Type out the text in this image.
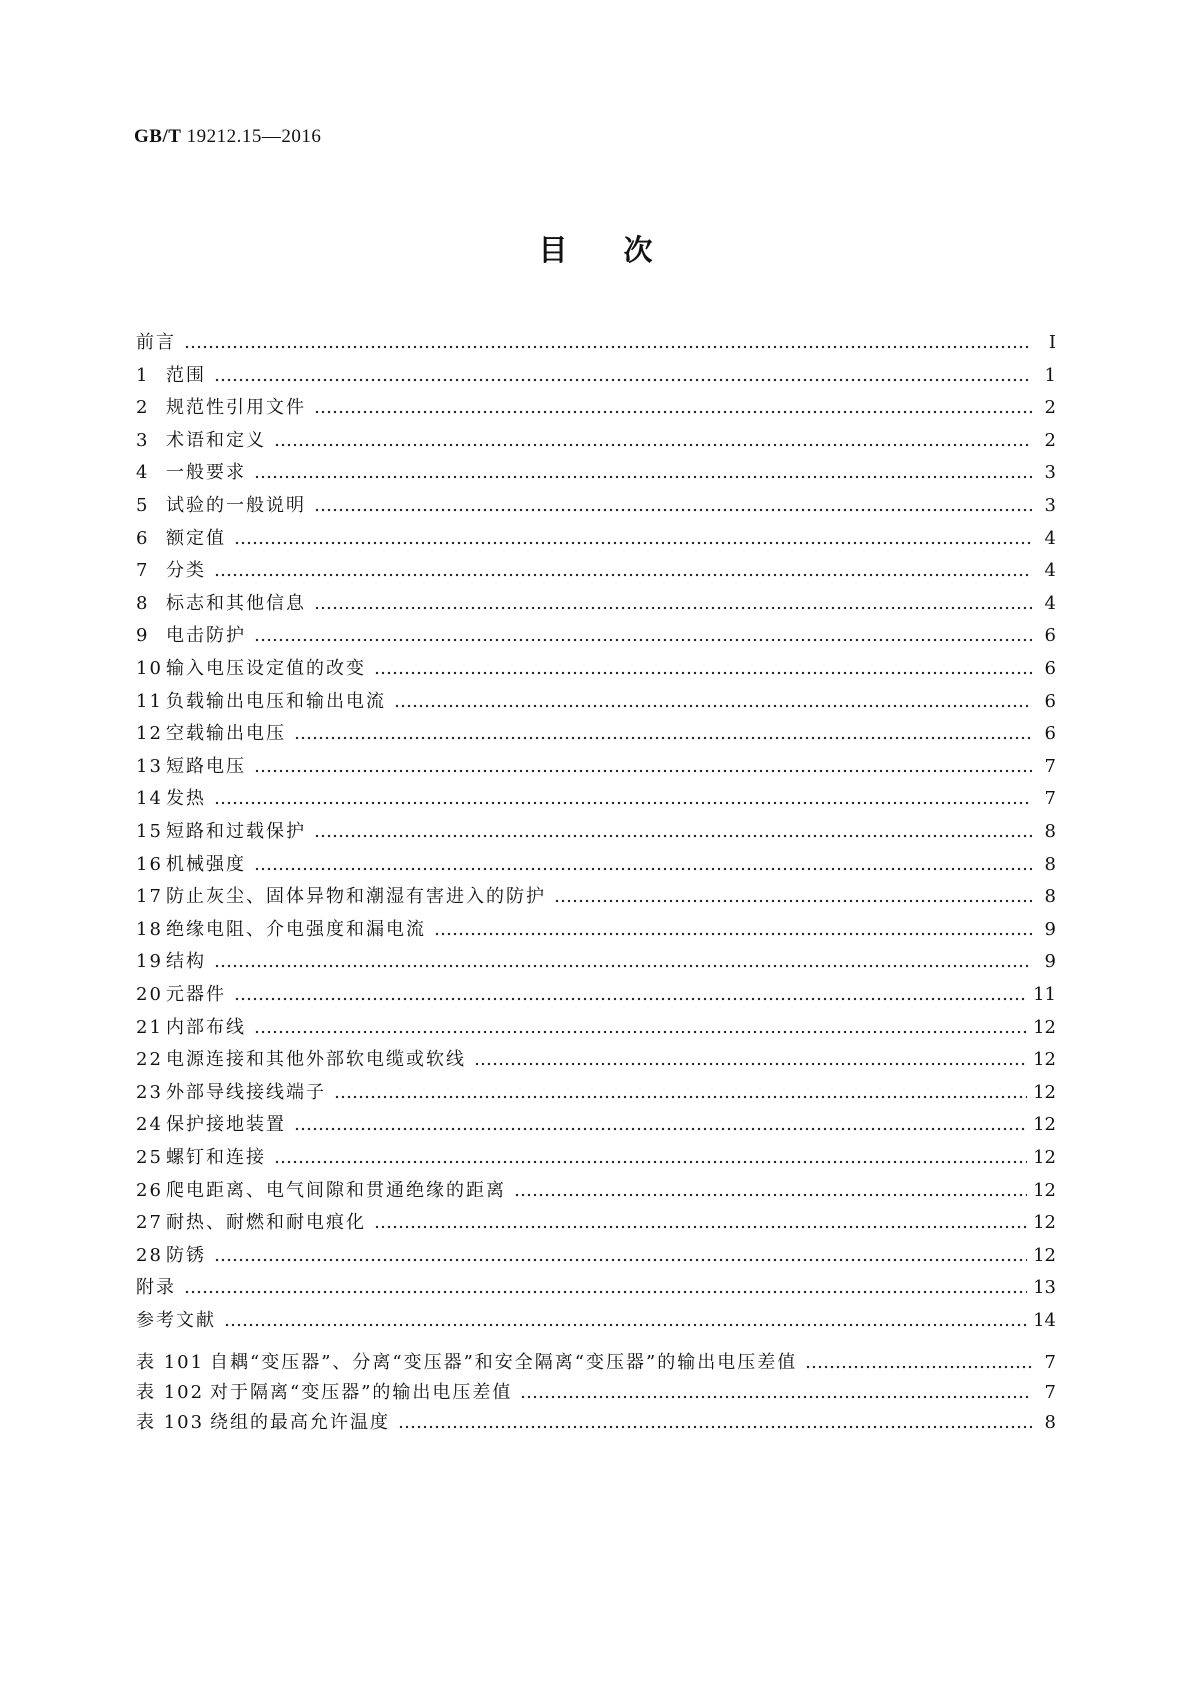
GB/T 19212.15—2016
目次
前言	Ⅰ
1 范围	1
2 规范性引用文件	2
3 术语和定义	2
4 一般要求	3
5 试验的一般说明	3
6 额定值	4
7 分类	4
8 标志和其他信息	4
9 电击防护	6
10 输入电压设定值的改变	6
11 负载输出电压和输出电流	6
12 空载输出电压	6
13 短路电压	7
14 发热	7
15 短路和过载保护	8
16 机械强度	8
17 防止灰尘、固体异物和潮湿有害进入的防护	8
18 绝缘电阻、介电强度和漏电流	9
19 结构	9
20 元器件	11
21 内部布线	12
22 电源连接和其他外部软电缆或软线	12
23 外部导线接线端子	12
24 保护接地装置	12
25 螺钉和连接	12
26 爬电距离、电气间隙和贯通绝缘的距离	12
27 耐热、耐燃和耐电痕化	12
28 防锈	12
附录	13
参考文献	14
表 101 自耦“变压器”、分离“变压器”和安全隔离“变压器”的输出电压差值	7
表 102 对于隔离“变压器”的输出电压差值	7
表 103 绕组的最高允许温度	8
